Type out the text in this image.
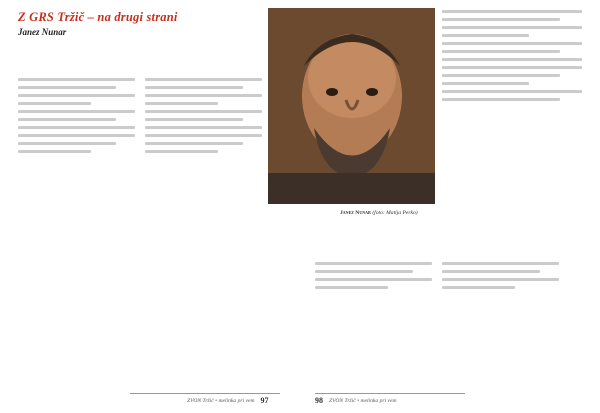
Z GRS Tržič – na drugi strani
Janez Nunar
Janez Nunar (foto: Matija Perko)
ZVON Tržič • melinka pri vem 97	98 ZVON Tržič • melinka pri vem
